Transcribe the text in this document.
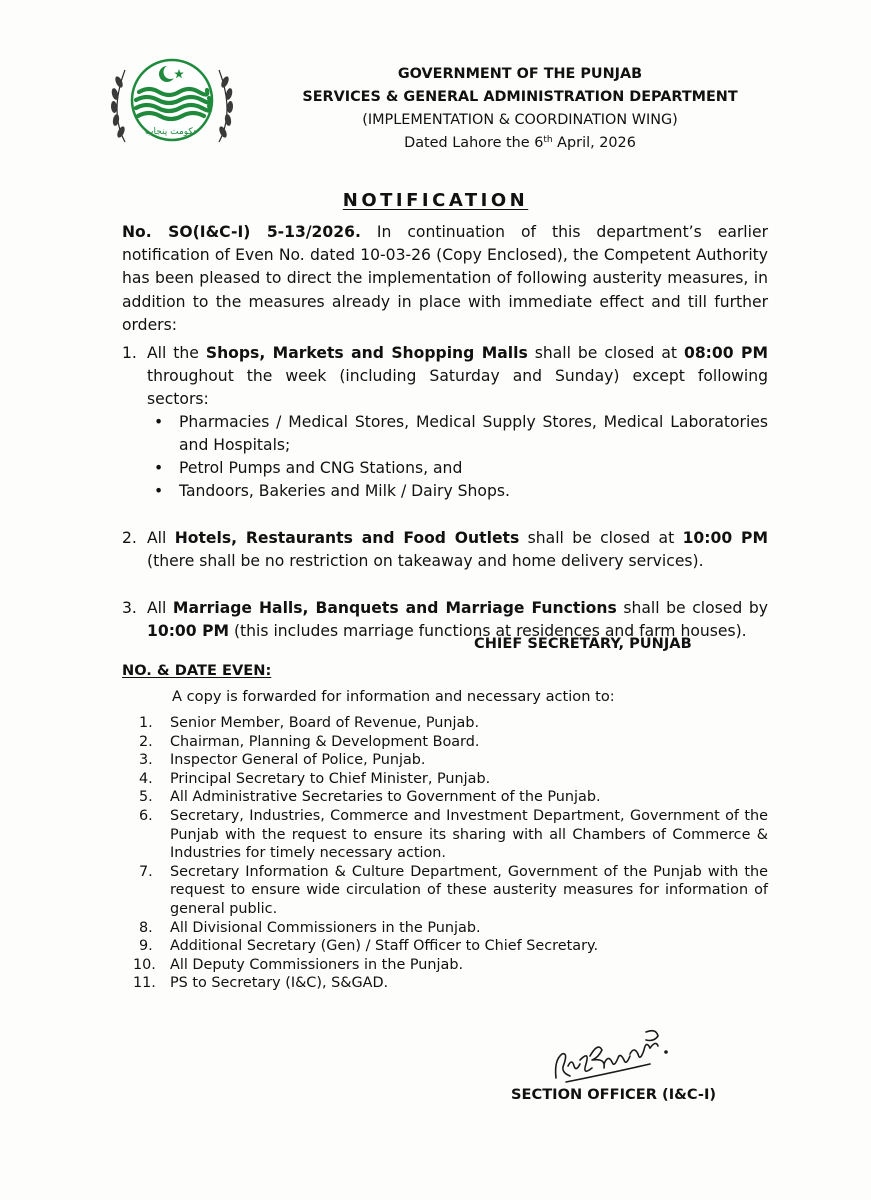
حکومت پنجاب
GOVERNMENT OF THE PUNJAB
SERVICES & GENERAL ADMINISTRATION DEPARTMENT
(IMPLEMENTATION & COORDINATION WING)
Dated Lahore the 6th April, 2026
NOTIFICATION
No. SO(I&C-I) 5-13/2026. In continuation of this department’s earlier notification of Even No. dated 10-03-26 (Copy Enclosed), the Competent Authority has been pleased to direct the implementation of following austerity measures, in addition to the measures already in place with immediate effect and till further orders:
1. All the Shops, Markets and Shopping Malls shall be closed at 08:00 PM throughout the week (including Saturday and Sunday) except following sectors:
• Pharmacies / Medical Stores, Medical Supply Stores, Medical Laboratories and Hospitals;
• Petrol Pumps and CNG Stations, and
• Tandoors, Bakeries and Milk / Dairy Shops.
2. All Hotels, Restaurants and Food Outlets shall be closed at 10:00 PM (there shall be no restriction on takeaway and home delivery services).
3. All Marriage Halls, Banquets and Marriage Functions shall be closed by 10:00 PM (this includes marriage functions at residences and farm houses).
CHIEF SECRETARY, PUNJAB
NO. & DATE EVEN:
A copy is forwarded for information and necessary action to:
1. Senior Member, Board of Revenue, Punjab.
2. Chairman, Planning & Development Board.
3. Inspector General of Police, Punjab.
4. Principal Secretary to Chief Minister, Punjab.
5. All Administrative Secretaries to Government of the Punjab.
6. Secretary, Industries, Commerce and Investment Department, Government of the Punjab with the request to ensure its sharing with all Chambers of Commerce & Industries for timely necessary action.
7. Secretary Information & Culture Department, Government of the Punjab with the request to ensure wide circulation of these austerity measures for information of general public.
8. All Divisional Commissioners in the Punjab.
9. Additional Secretary (Gen) / Staff Officer to Chief Secretary.
10. All Deputy Commissioners in the Punjab.
11. PS to Secretary (I&C), S&GAD.
SECTION OFFICER (I&C-I)
